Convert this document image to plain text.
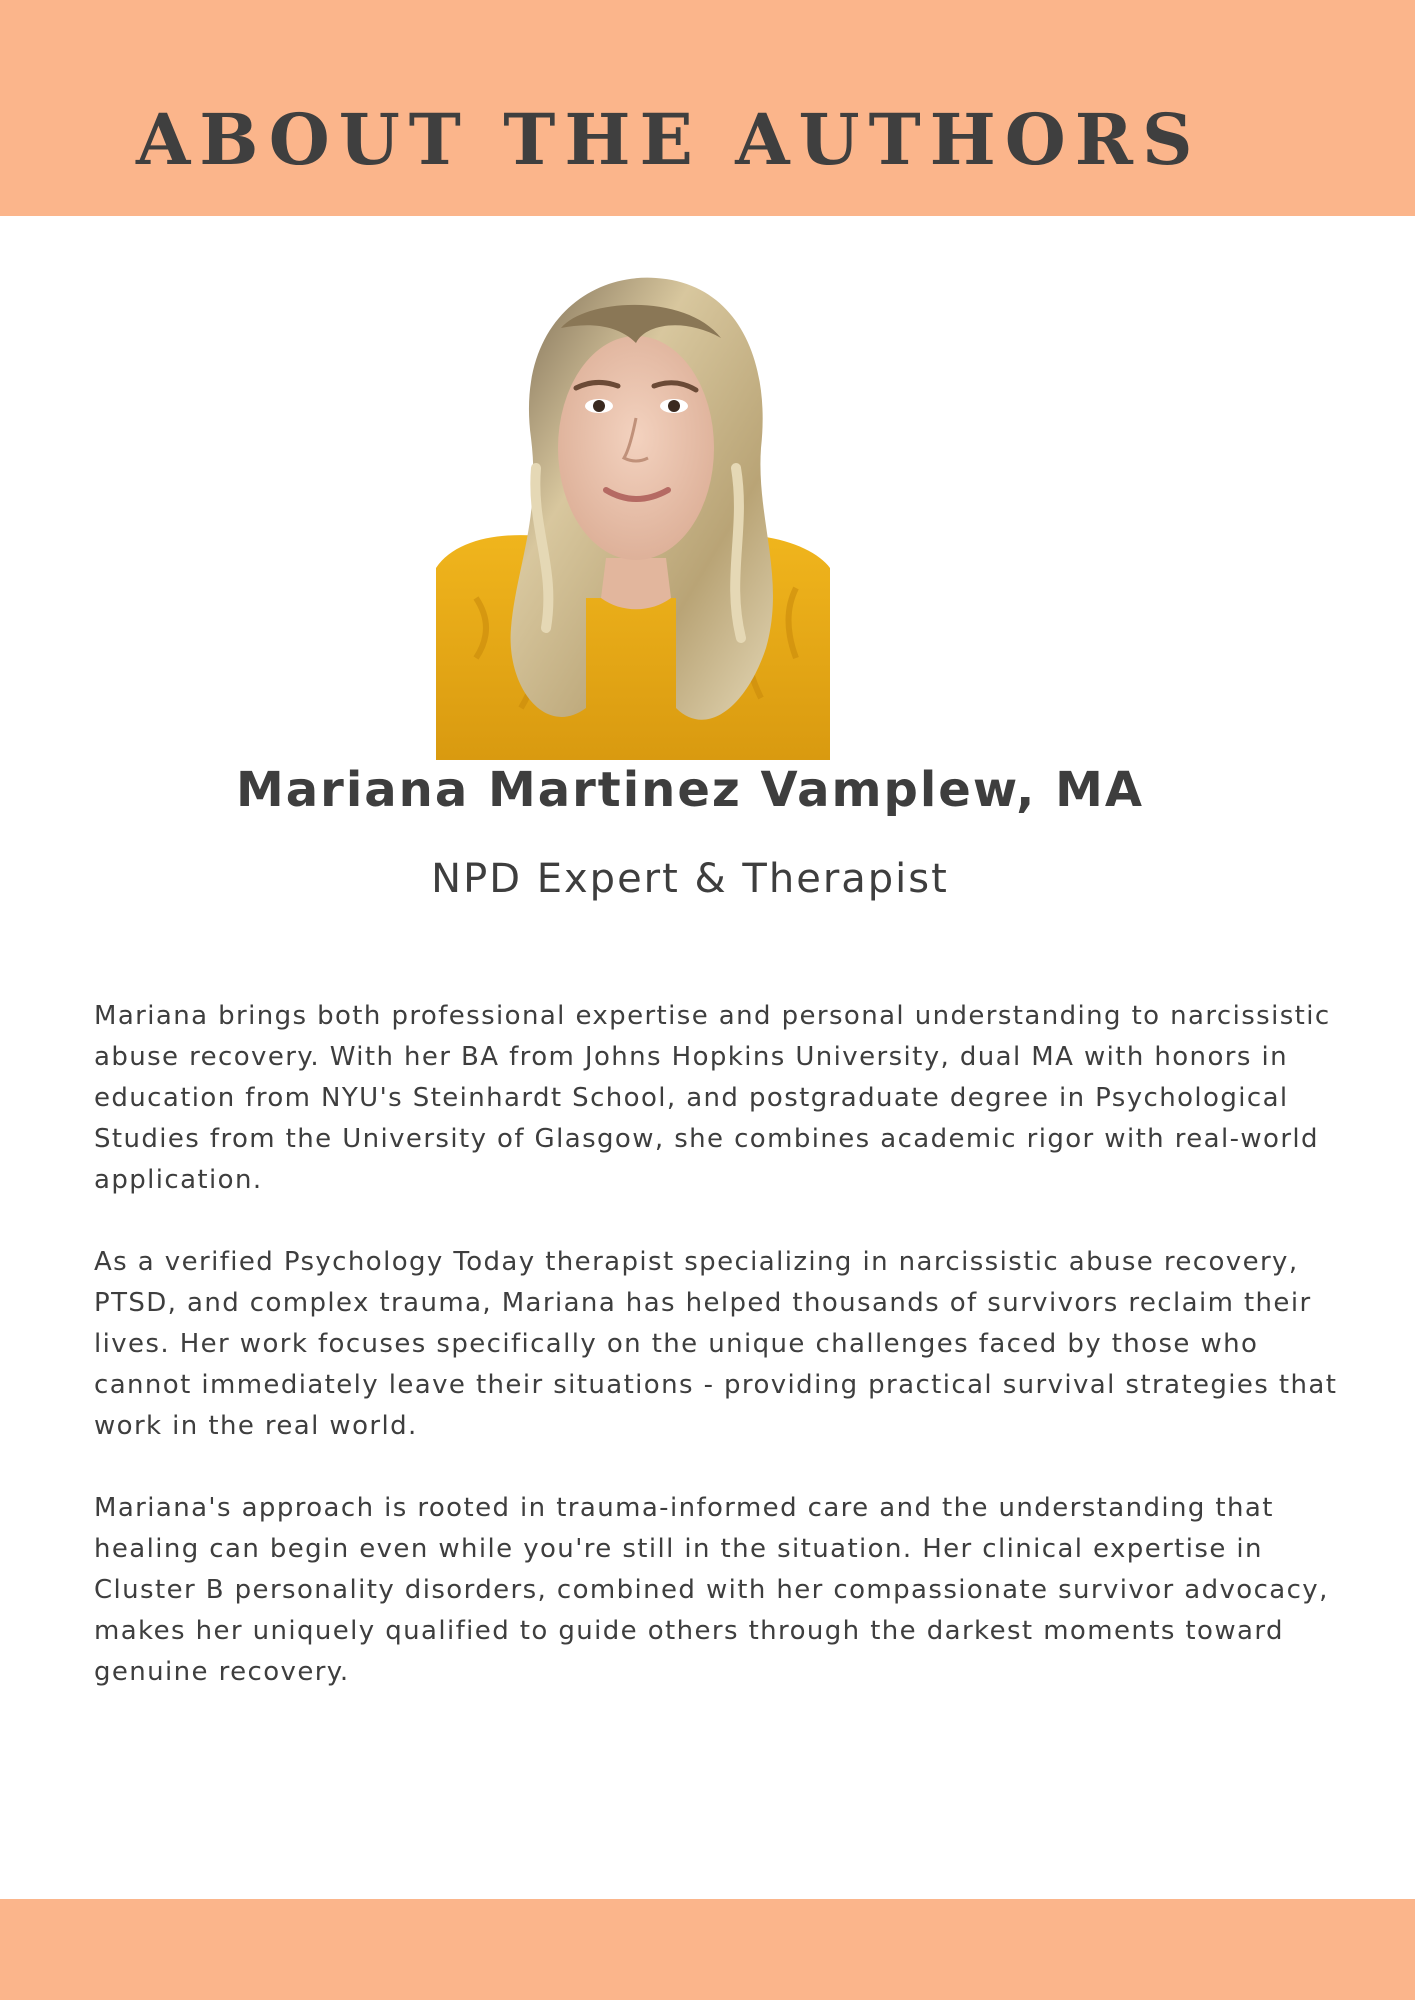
ABOUT THE AUTHORS
Mariana Martinez Vamplew, MA
NPD Expert & Therapist

Mariana brings both professional expertise and personal understanding to narcissistic abuse recovery. With her BA from Johns Hopkins University, dual MA with honors in education from NYU's Steinhardt School, and postgraduate degree in Psychological Studies from the University of Glasgow, she combines academic rigor with real-world application.

As a verified Psychology Today therapist specializing in narcissistic abuse recovery, PTSD, and complex trauma, Mariana has helped thousands of survivors reclaim their lives. Her work focuses specifically on the unique challenges faced by those who cannot immediately leave their situations - providing practical survival strategies that work in the real world.

Mariana's approach is rooted in trauma-informed care and the understanding that healing can begin even while you're still in the situation. Her clinical expertise in Cluster B personality disorders, combined with her compassionate survivor advocacy, makes her uniquely qualified to guide others through the darkest moments toward genuine recovery.
